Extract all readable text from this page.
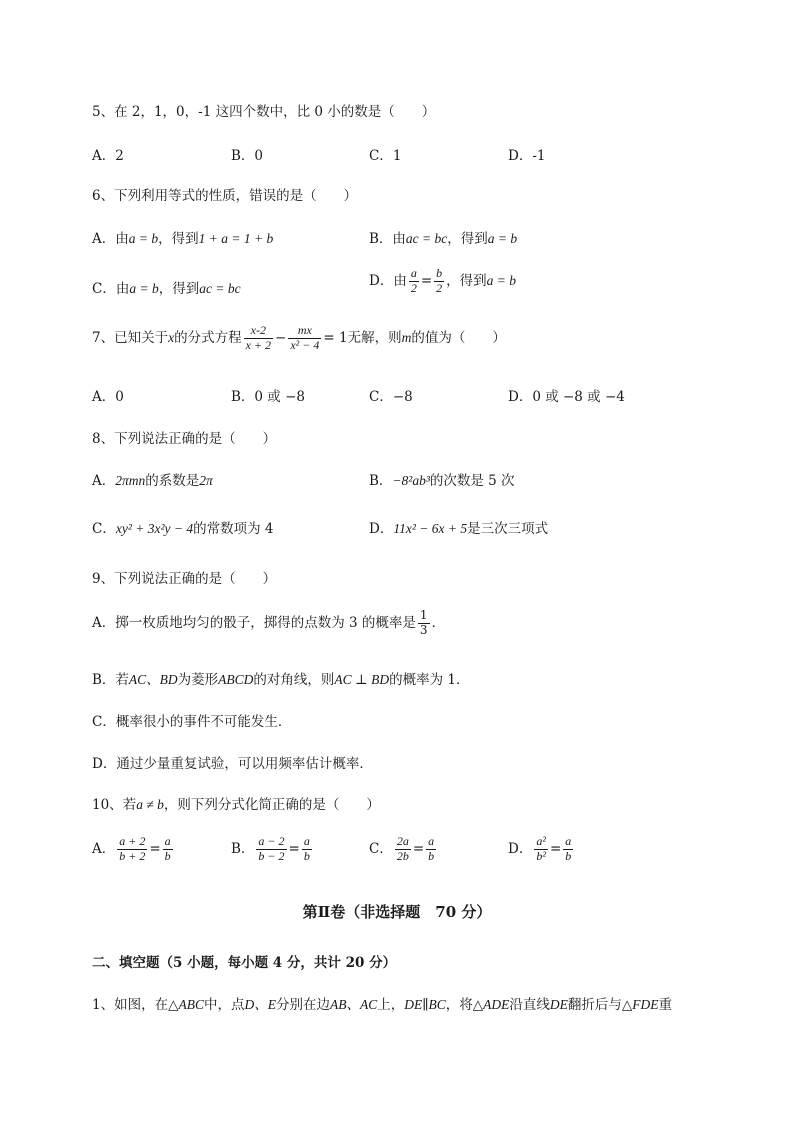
5、在 2，1，0，-1 这四个数中，比 0 小的数是（　　）
A．2	B．0	C．1	D．-1
6、下列利用等式的性质，错误的是（　　）
A．由a = b，得到1 + a = 1 + b	B．由ac = bc，得到a = b
C．由a = b，得到ac = bc	D．由 $\frac{a}{2} = \frac{b}{2}$ ，得到a = b
7、已知关于x的分式方程 $\frac{x-2}{x + 2} - \frac{mx}{\text{x² − 4}} = 1$无解，则m的值为（　　）
A．0	B．0 或 −8	C．−8	D．0 或 −8 或 −4
8、下列说法正确的是（　　）
A．2πmn的系数是2π	B．−8²ab³的次数是 5 次
C．xy² + 3x²y − 4的常数项为 4	D．11x² − 6x + 5是三次三项式
9、下列说法正确的是（　　）
A．掷一枚质地均匀的骰子，掷得的点数为 3 的概率是 $\frac{1}{3}$ ．
B．若AC、BD为菱形ABCD的对角线，则AC ⊥ BD的概率为 1．
C．概率很小的事件不可能发生．
D．通过少量重复试验，可以用频率估计概率．
10、若a ≠ b，则下列分式化简正确的是（　　）
A． $\frac{a + 2}{b + 2} = \frac{a}{b}$	B． $\frac{a - 2}{b - 2} = \frac{a}{b}$	C． $\frac{2a}{2b} = \frac{a}{b}$	D． $\frac{\text{a²}}{\text{b²}} = \frac{a}{b}$
第Ⅱ卷（非选择题　70 分）
二、填空题（5 小题，每小题 4 分，共计 20 分）
1、如图，在△ABC中，点D、E分别在边AB、AC上，DE∥BC，将△ADE沿直线DE翻折后与△FDE重
